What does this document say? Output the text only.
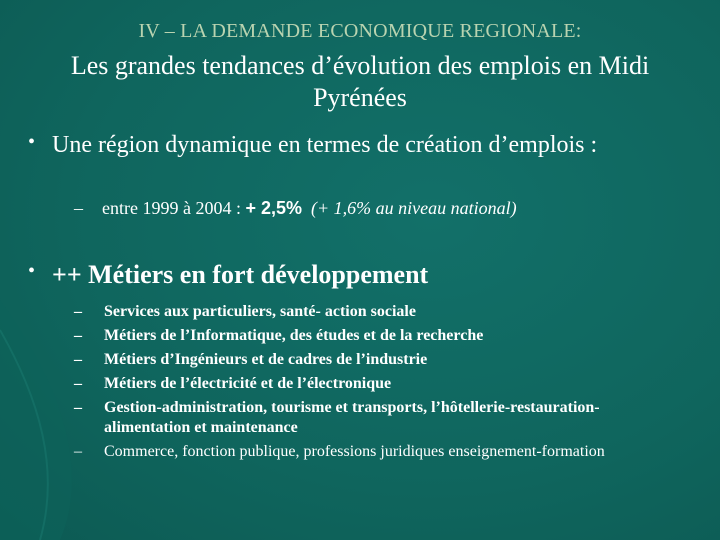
IV – LA DEMANDE ECONOMIQUE REGIONALE:
Les grandes tendances d’évolution des emplois en Midi Pyrénées
• Une région dynamique en termes de création d’emplois :
– entre 1999 à 2004 : + 2,5% (+ 1,6% au niveau national)
• ++ Métiers en fort développement
–	Services aux particuliers, santé- action sociale
–	Métiers de l’Informatique, des études et de la recherche
–	Métiers d’Ingénieurs et de cadres de l’industrie
–	Métiers de l’électricité et de l’électronique
–	Gestion-administration, tourisme et transports, l’hôtellerie-restauration-alimentation et maintenance
–	Commerce, fonction publique, professions juridiques enseignement-formation
